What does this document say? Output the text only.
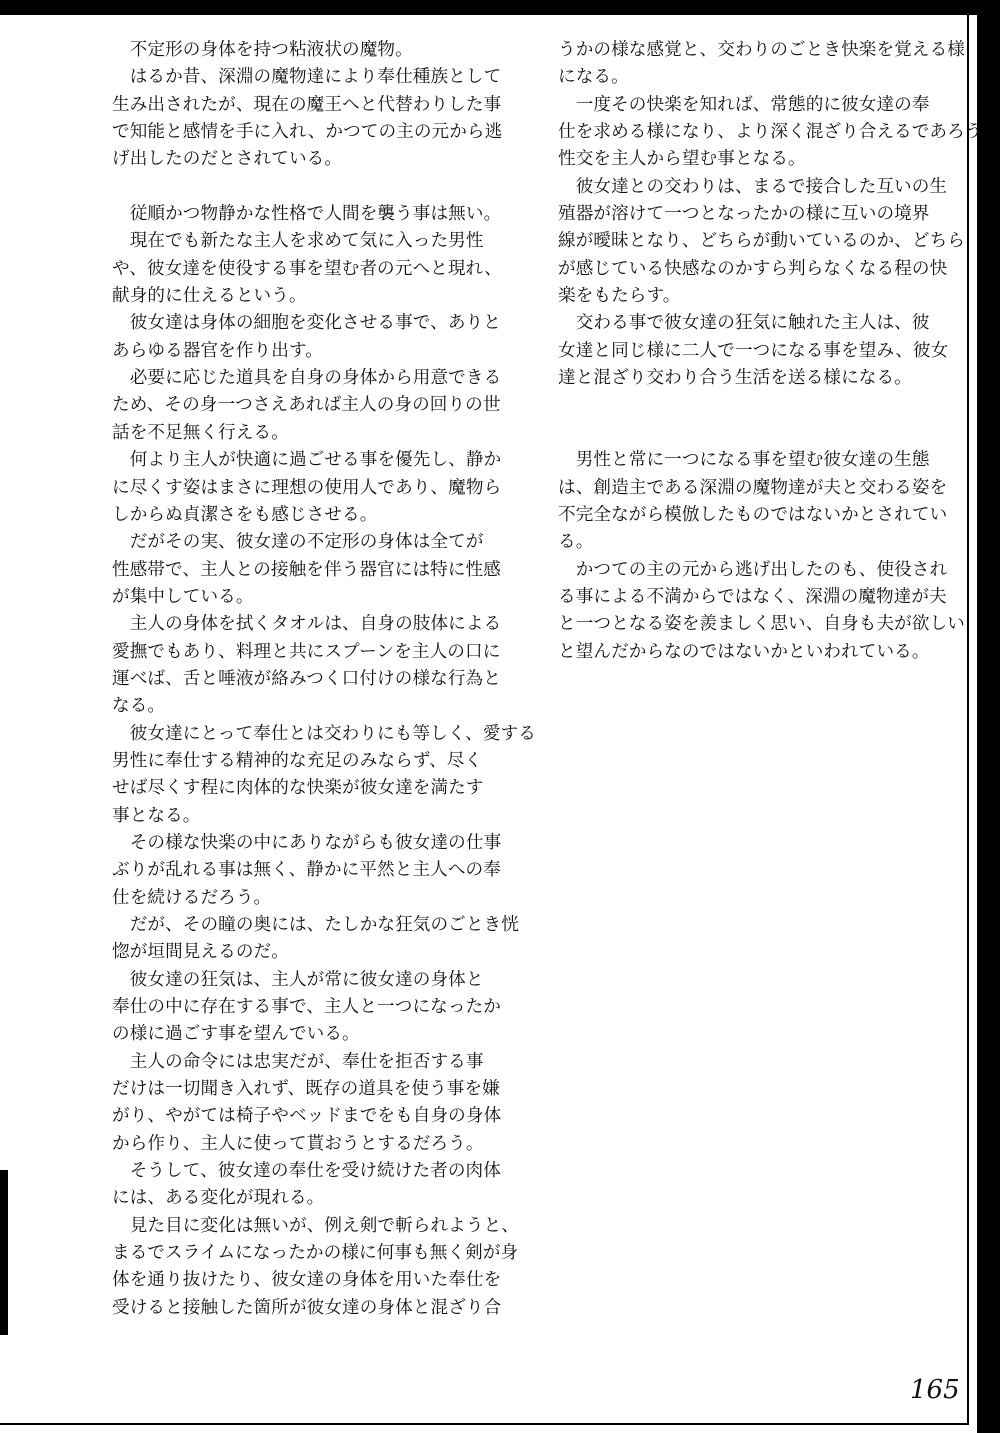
　不定形の身体を持つ粘液状の魔物。
　はるか昔、深淵の魔物達により奉仕種族として
生み出されたが、現在の魔王へと代替わりした事
で知能と感情を手に入れ、かつての主の元から逃
げ出したのだとされている。
　従順かつ物静かな性格で人間を襲う事は無い。
　現在でも新たな主人を求めて気に入った男性
や、彼女達を使役する事を望む者の元へと現れ、
献身的に仕えるという。
　彼女達は身体の細胞を変化させる事で、ありと
あらゆる器官を作り出す。
　必要に応じた道具を自身の身体から用意できる
ため、その身一つさえあれば主人の身の回りの世
話を不足無く行える。
　何より主人が快適に過ごせる事を優先し、静か
に尽くす姿はまさに理想の使用人であり、魔物ら
しからぬ貞潔さをも感じさせる。
　だがその実、彼女達の不定形の身体は全てが
性感帯で、主人との接触を伴う器官には特に性感
が集中している。
　主人の身体を拭くタオルは、自身の肢体による
愛撫でもあり、料理と共にスプーンを主人の口に
運べば、舌と唾液が絡みつく口付けの様な行為と
なる。
　彼女達にとって奉仕とは交わりにも等しく、愛する
男性に奉仕する精神的な充足のみならず、尽く
せば尽くす程に肉体的な快楽が彼女達を満たす
事となる。
　その様な快楽の中にありながらも彼女達の仕事
ぶりが乱れる事は無く、静かに平然と主人への奉
仕を続けるだろう。
　だが、その瞳の奥には、たしかな狂気のごとき恍
惚が垣間見えるのだ。
　彼女達の狂気は、主人が常に彼女達の身体と
奉仕の中に存在する事で、主人と一つになったか
の様に過ごす事を望んでいる。
　主人の命令には忠実だが、奉仕を拒否する事
だけは一切聞き入れず、既存の道具を使う事を嫌
がり、やがては椅子やベッドまでをも自身の身体
から作り、主人に使って貰おうとするだろう。
　そうして、彼女達の奉仕を受け続けた者の肉体
には、ある変化が現れる。
　見た目に変化は無いが、例え剣で斬られようと、
まるでスライムになったかの様に何事も無く剣が身
体を通り抜けたり、彼女達の身体を用いた奉仕を
受けると接触した箇所が彼女達の身体と混ざり合
うかの様な感覚と、交わりのごとき快楽を覚える様
になる。
　一度その快楽を知れば、常態的に彼女達の奉
仕を求める様になり、より深く混ざり合えるであろう
性交を主人から望む事となる。
　彼女達との交わりは、まるで接合した互いの生
殖器が溶けて一つとなったかの様に互いの境界
線が曖昧となり、どちらが動いているのか、どちら
が感じている快感なのかすら判らなくなる程の快
楽をもたらす。
　交わる事で彼女達の狂気に触れた主人は、彼
女達と同じ様に二人で一つになる事を望み、彼女
達と混ざり交わり合う生活を送る様になる。
　男性と常に一つになる事を望む彼女達の生態
は、創造主である深淵の魔物達が夫と交わる姿を
不完全ながら模倣したものではないかとされてい
る。
　かつての主の元から逃げ出したのも、使役され
る事による不満からではなく、深淵の魔物達が夫
と一つとなる姿を羨ましく思い、自身も夫が欲しい
と望んだからなのではないかといわれている。
165
